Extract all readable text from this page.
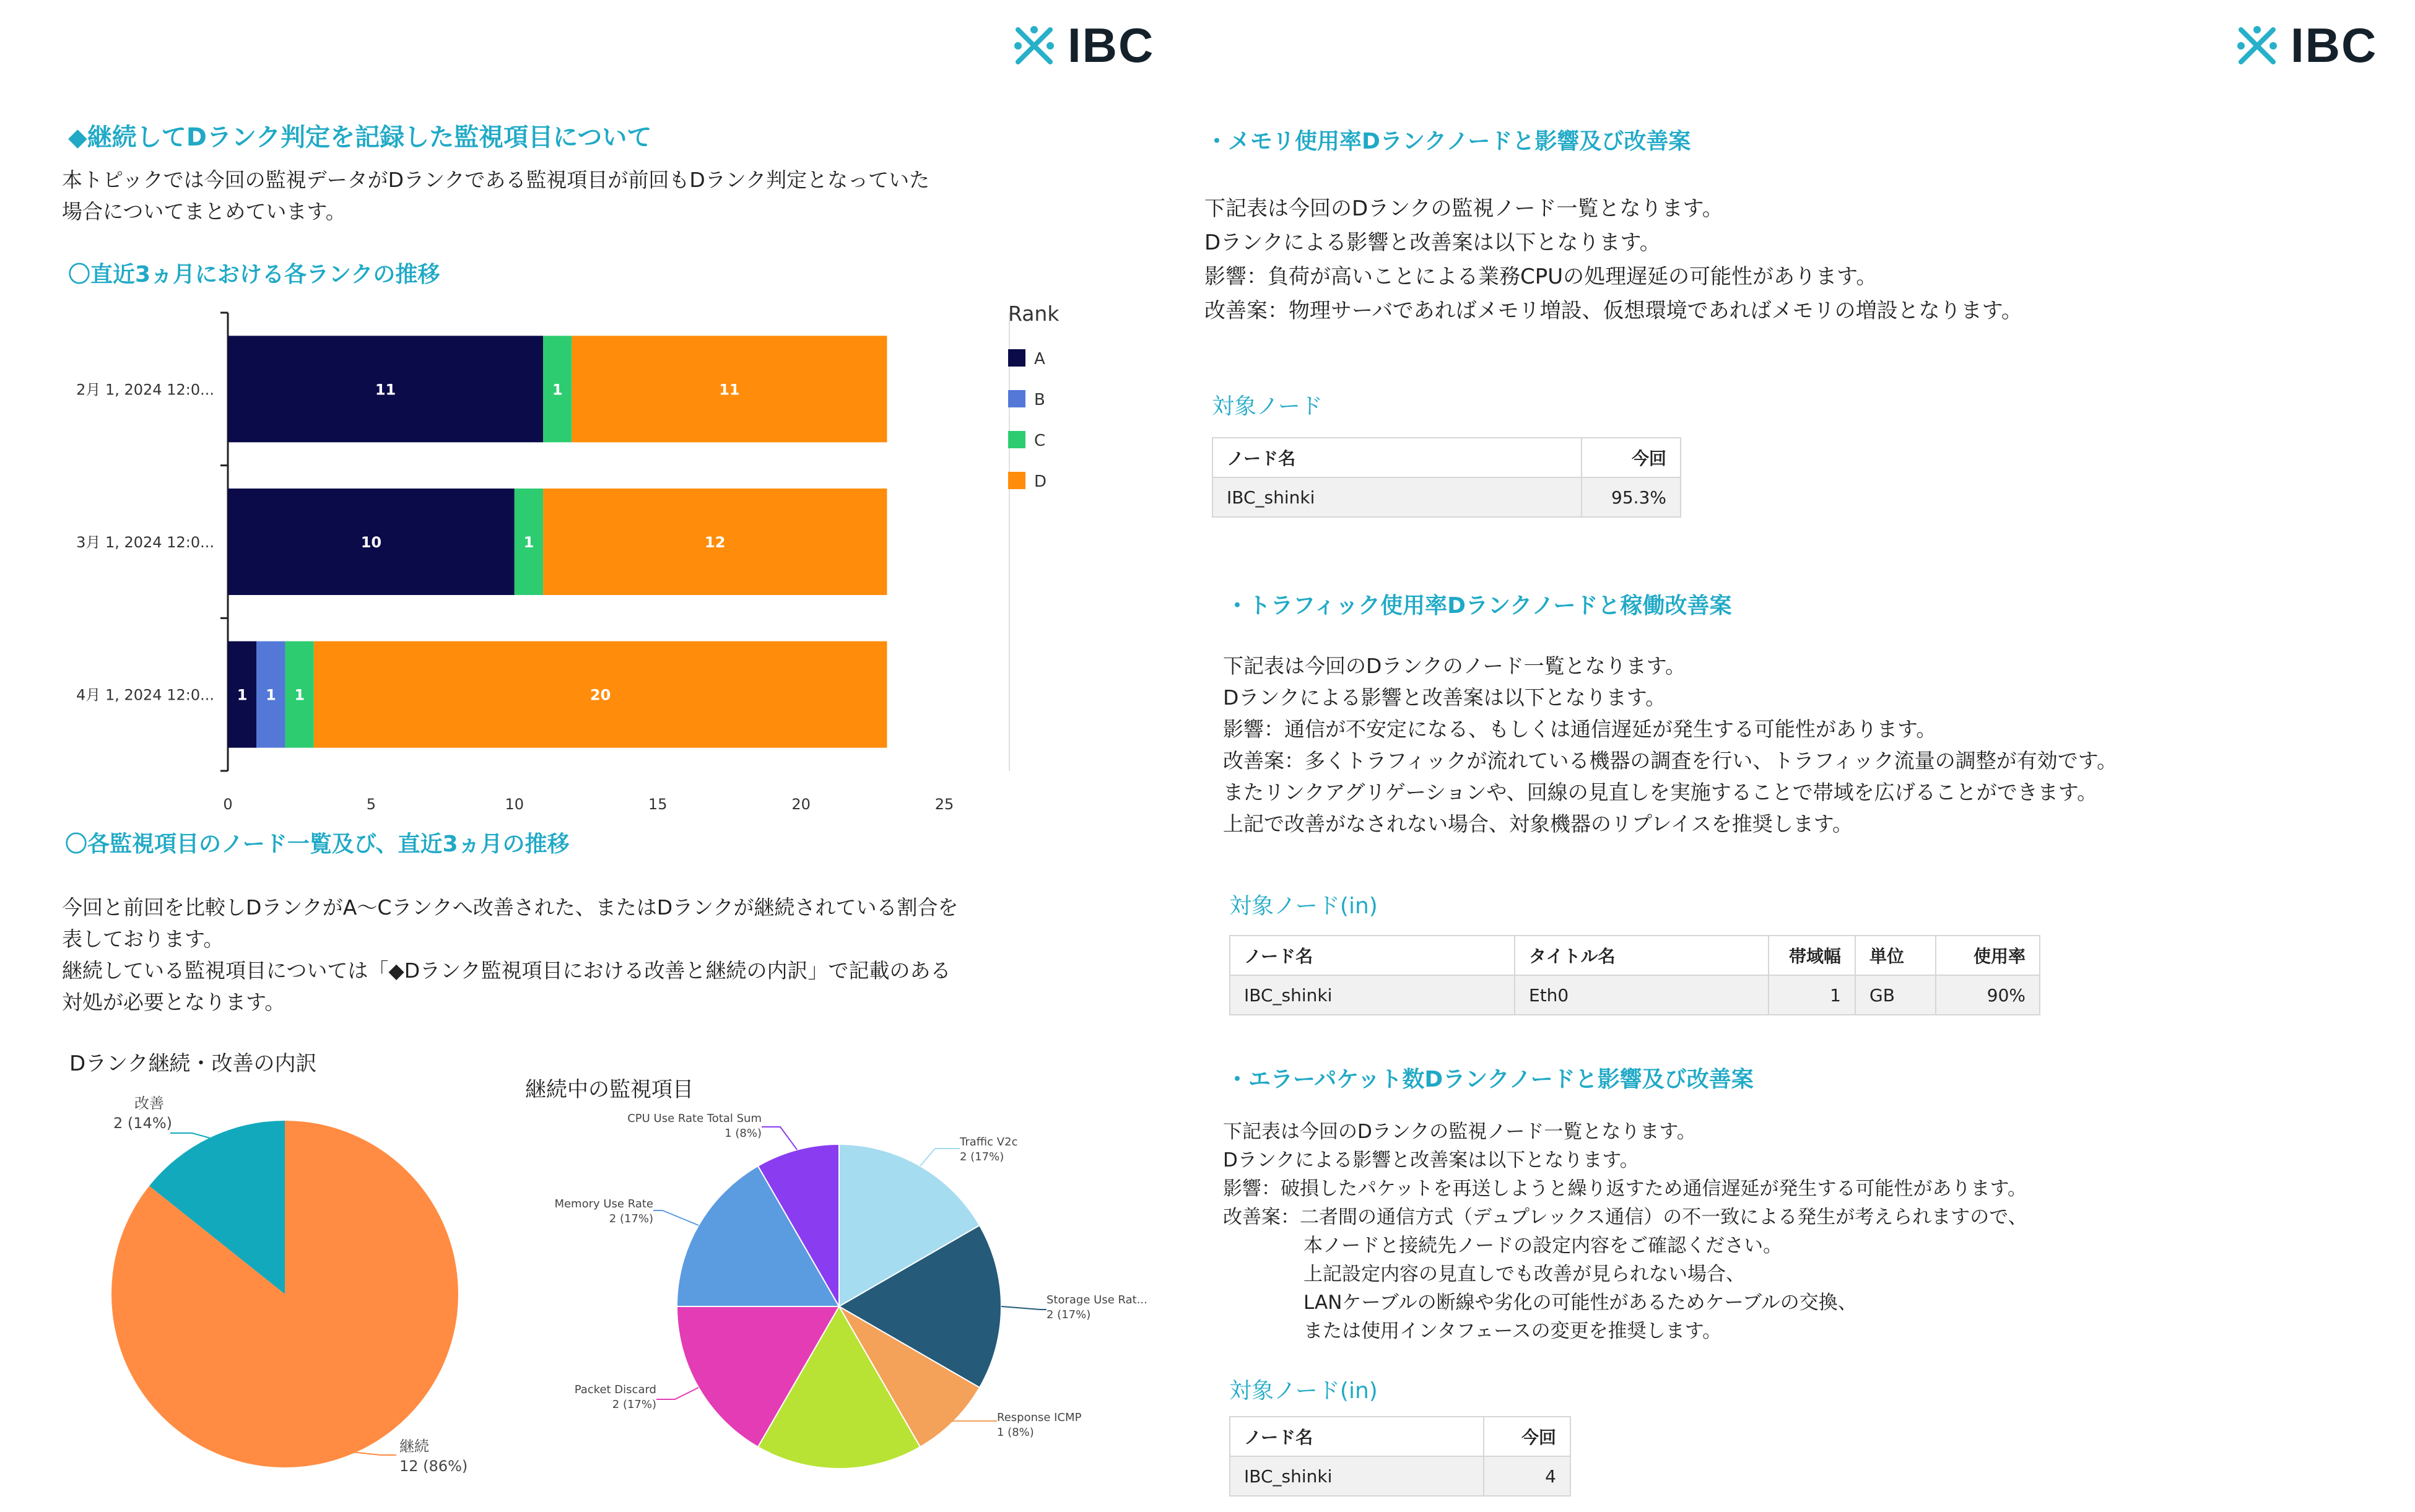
IBC
◆継続してDランク判定を記録した監視項目について
本トピックでは今回の監視データがDランクである監視項目が前回もDランク判定となっていた
場合についてまとめています。
〇直近3ヵ月における各ランクの推移
Rank
0	5	10	15	20	25
2月 1, 2024 12:0...
3月 1, 2024 12:0...
4月 1, 2024 12:0...
11	1	11
10	1	12
1 1 1	20
A
B
C
D
〇各監視項目のノード一覧及び、直近3ヵ月の推移
今回と前回を比較しDランクがA～Cランクへ改善された、またはDランクが継続されている割合を
表しております。
継続している監視項目については「◆Dランク監視項目における改善と継続の内訳」で記載のある
対処が必要となります。
Dランク継続・改善の内訳
継続中の監視項目
改善
2 (14%)
継続
12 (86%)
Traffic V2c
2 (17%)
Storage Use Rat...
2 (17%)
Response ICMP
1 (8%)
Packet Discard
2 (17%)
Memory Use Rate
2 (17%)
CPU Use Rate Total Sum
1 (8%)
IBC
・メモリ使用率Dランクノードと影響及び改善案
下記表は今回のDランクの監視ノード一覧となります。
Dランクによる影響と改善案は以下となります。
影響：負荷が高いことによる業務CPUの処理遅延の可能性があります。
改善案：物理サーバであればメモリ増設、仮想環境であればメモリの増設となります。
対象ノード
ノード名	今回
IBC_shinki	95.3%
・トラフィック使用率Dランクノードと稼働改善案
下記表は今回のDランクのノード一覧となります。
Dランクによる影響と改善案は以下となります。
影響：通信が不安定になる、もしくは通信遅延が発生する可能性があります。
改善案：多くトラフィックが流れている機器の調査を行い、トラフィック流量の調整が有効です。
またリンクアグリゲーションや、回線の見直しを実施することで帯域を広げることができます。
上記で改善がなされない場合、対象機器のリプレイスを推奨します。
対象ノード(in)
ノード名	タイトル名	帯域幅	単位	使用率
IBC_shinki	Eth0	1	GB	90%
・エラーパケット数Dランクノードと影響及び改善案
下記表は今回のDランクの監視ノード一覧となります。
Dランクによる影響と改善案は以下となります。
影響：破損したパケットを再送しようと繰り返すため通信遅延が発生する可能性があります。
改善案：二者間の通信方式（デュプレックス通信）の不一致による発生が考えられますので、
本ノードと接続先ノードの設定内容をご確認ください。
上記設定内容の見直しでも改善が見られない場合、
LANケーブルの断線や劣化の可能性があるためケーブルの交換、
または使用インタフェースの変更を推奨します。
対象ノード(in)
ノード名	今回
IBC_shinki	4
